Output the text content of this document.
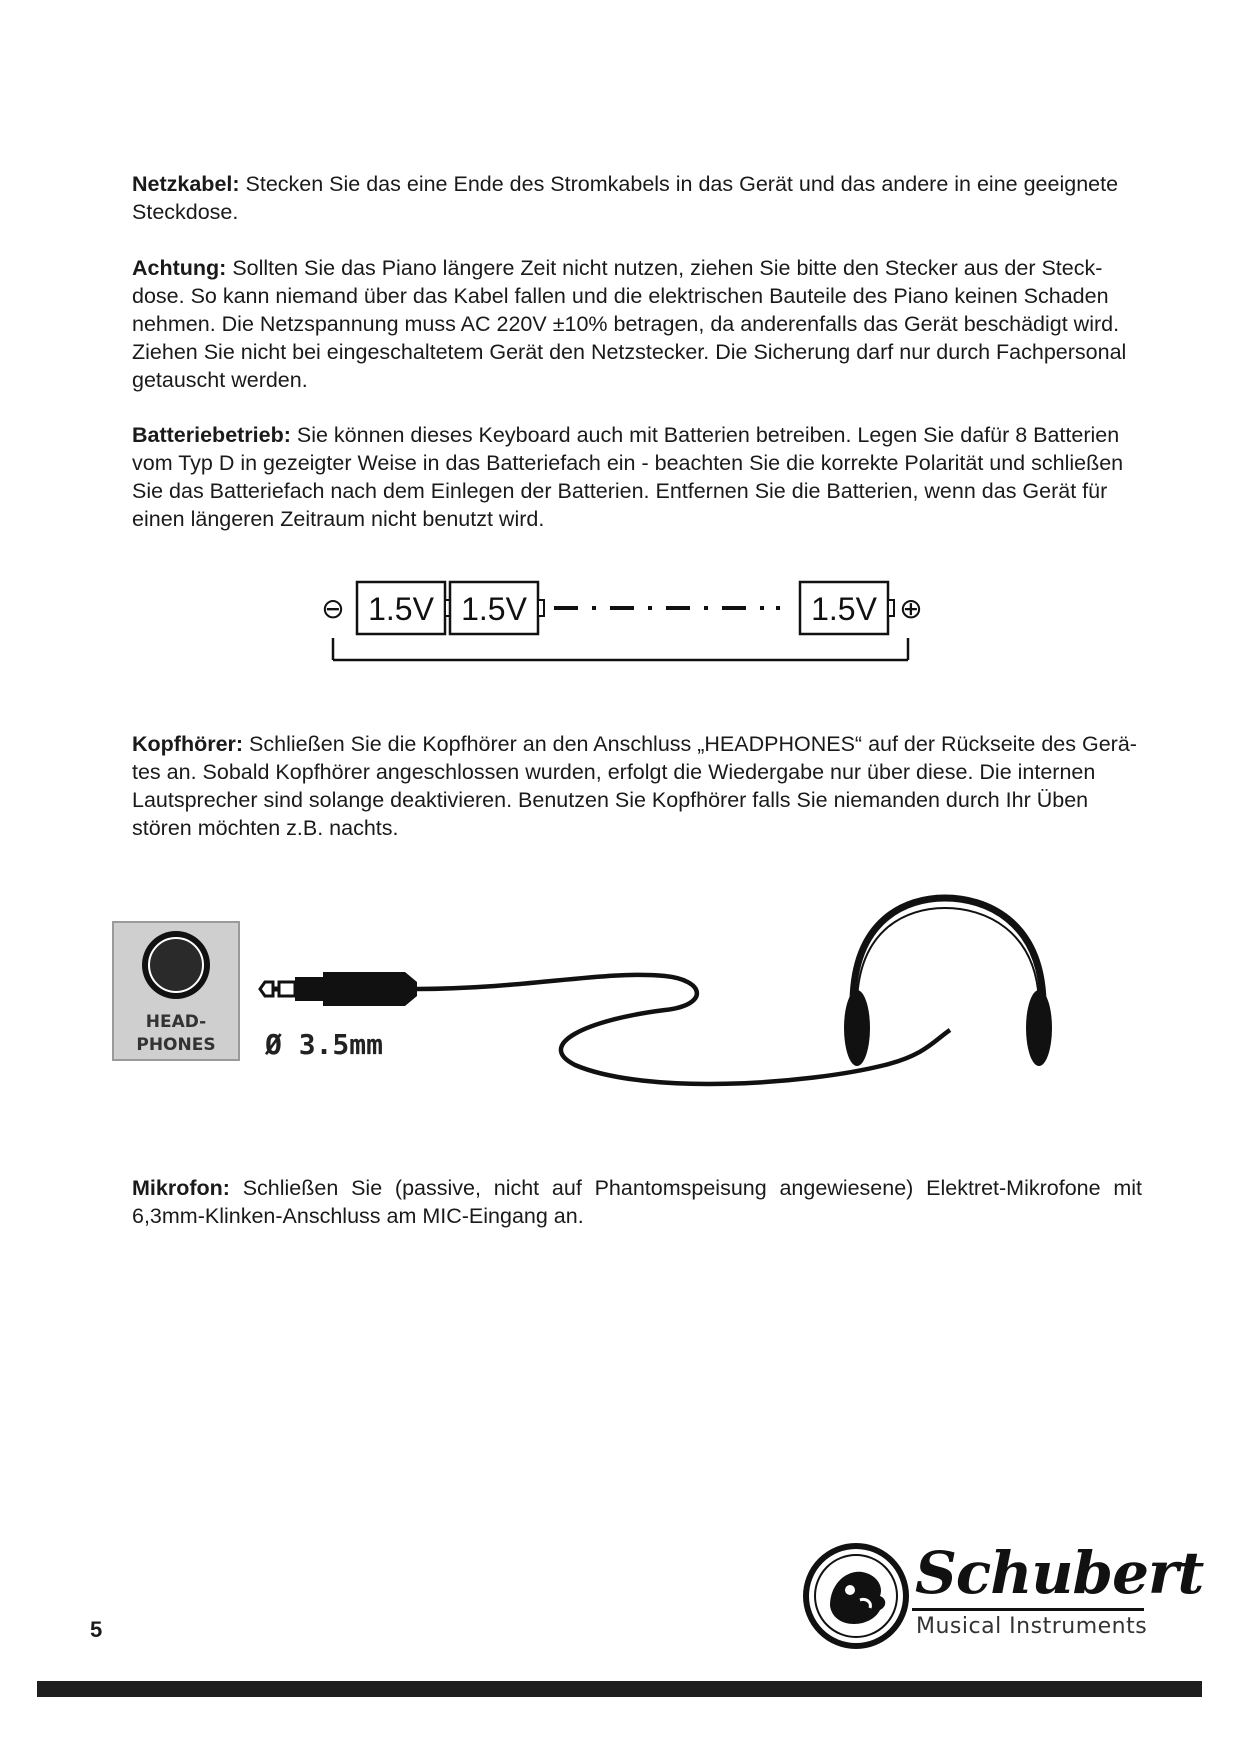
Netzkabel: Stecken Sie das eine Ende des Stromkabels in das Gerät und das andere in eine geeignete Steckdose.

Achtung: Sollten Sie das Piano längere Zeit nicht nutzen, ziehen Sie bitte den Stecker aus der Steck-dose. So kann niemand über das Kabel fallen und die elektrischen Bauteile des Piano keinen Schaden nehmen. Die Netzspannung muss AC 220V ±10% betragen, da anderenfalls das Gerät beschädigt wird. Ziehen Sie nicht bei eingeschaltetem Gerät den Netzstecker. Die Sicherung darf nur durch Fachpersonal getauscht werden.

Batteriebetrieb: Sie können dieses Keyboard auch mit Batterien betreiben. Legen Sie dafür 8 Batterien vom Typ D in gezeigter Weise in das Batteriefach ein - beachten Sie die korrekte Polarität und schließen Sie das Batteriefach nach dem Einlegen der Batterien. Entfernen Sie die Batterien, wenn das Gerät für einen längeren Zeitraum nicht benutzt wird.

⊖ 1.5V 1.5V	1.5V ⊕

Kopfhörer: Schließen Sie die Kopfhörer an den Anschluss „HEADPHONES“ auf der Rückseite des Gerä-tes an. Sobald Kopfhörer angeschlossen wurden, erfolgt die Wiedergabe nur über diese. Die internen Lautsprecher sind solange deaktivieren. Benutzen Sie Kopfhörer falls Sie niemanden durch Ihr Üben stören möchten z.B. nachts.

HEAD-
PHONES Ø 3.5mm

Mikrofon: Schließen Sie (passive, nicht auf Phantomspeisung angewiesene) Elektret-Mikrofone mit 6,3mm-Klinken-Anschluss am MIC-Eingang an.

5

Schubert

Musical Instruments
